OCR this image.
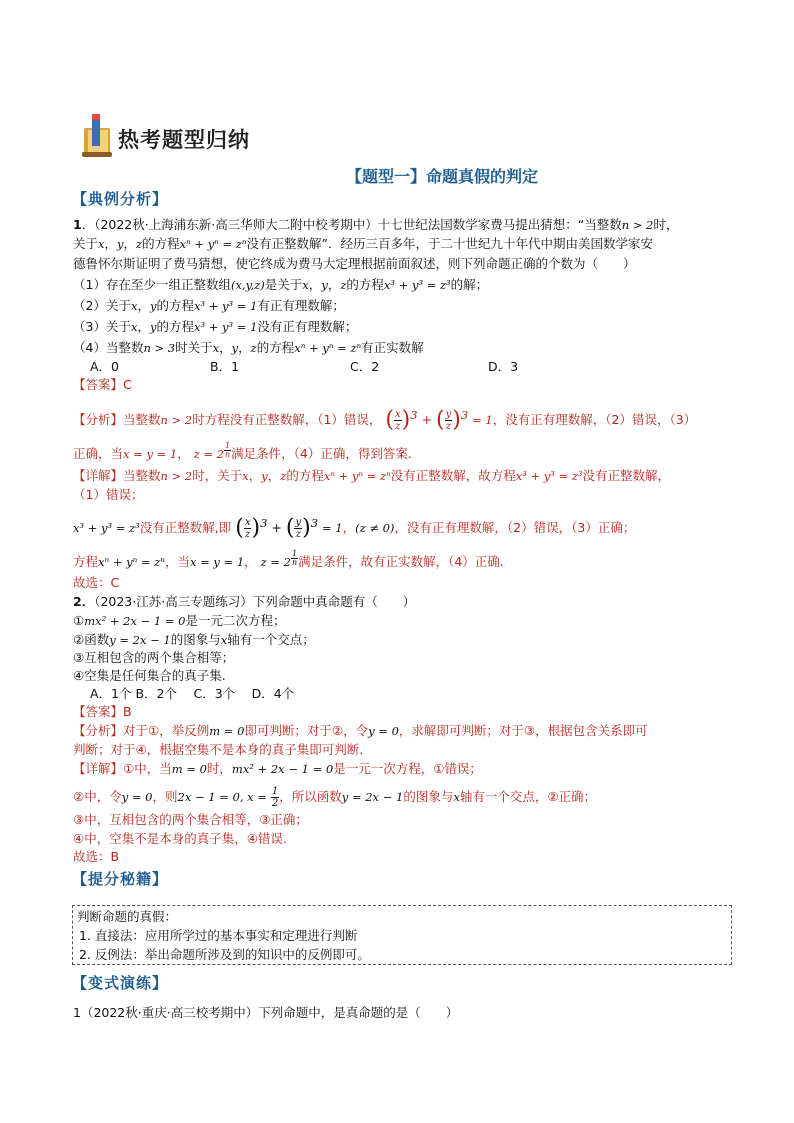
热考题型归纳
【题型一】命题真假的判定
【典例分析】
1．（2022秋·上海浦东新·高三华师大二附中校考期中）十七世纪法国数学家费马提出猜想：“当整数n > 2时，
关于x，y，z的方程xⁿ + yⁿ = zⁿ没有正整数解”．经历三百多年，于二十世纪九十年代中期由美国数学家安
德鲁怀尔斯证明了费马猜想，使它终成为费马大定理根据前面叙述，则下列命题正确的个数为（　　）
（1）存在至少一组正整数组(x,y,z)是关于x，y，z的方程x³ + y³ = z³的解；
（2）关于x，y的方程x³ + y³ = 1有正有理数解；
（3）关于x，y的方程x³ + y³ = 1没有正有理数解；
（4）当整数n > 3时关于x，y，z的方程xⁿ + yⁿ = zⁿ有正实数解
A．0	B．1	C．2	D．3
【答案】C
【分析】当整数n > 2时方程没有正整数解，（1）错误， ( $\frac{x}{z} )^3$ + ( $\frac{y}{z} )^3 = 1$，没有正有理数解，（2）错误，（3）
正确，当x = y = 1， z = 2 $^{\frac{1}{n}}$ 满足条件，（4）正确，得到答案.
【详解】当整数n > 2时，关于x，y，z的方程xⁿ + yⁿ = zⁿ没有正整数解，故方程x³ + y³ = z³没有正整数解，
（1）错误；
x³ + y³ = z³没有正整数解,即 ( $\frac{x}{z} )^3$ + ( $\frac{y}{z} )^3 = 1$，(z ≠ 0)，没有正有理数解，（2）错误，（3）正确；
方程xⁿ + yⁿ = zⁿ，当x = y = 1， z = 2 $^{\frac{1}{n}}$ 满足条件，故有正实数解，（4）正确.
故选：C
2．（2023·江苏·高三专题练习）下列命题中真命题有（　　）
①mx² + 2x − 1 = 0是一元二次方程；
②函数y = 2x − 1的图象与x轴有一个交点；
③互相包含的两个集合相等；
④空集是任何集合的真子集.
A．1个 B．2个　 C．3个　 D．4个
【答案】B
【分析】对于①，举反例m = 0即可判断；对于②，令y = 0，求解即可判断；对于③，根据包含关系即可
判断；对于④，根据空集不是本身的真子集即可判断.
【详解】①中，当m = 0时，mx² + 2x − 1 = 0是一元一次方程，①错误；
②中，令y = 0，则2x − 1 = 0, $x = \frac{1}{2}$ ，所以函数y = 2x − 1的图象与x轴有一个交点，②正确；
③中，互相包含的两个集合相等，③正确；
④中，空集不是本身的真子集，④错误.
故选：B
【提分秘籍】
判断命题的真假：
1. 直接法：应用所学过的基本事实和定理进行判断
2. 反例法：举出命题所涉及到的知识中的反例即可。
【变式演练】
1（2022秋·重庆·高三校考期中）下列命题中，是真命题的是（　　）
